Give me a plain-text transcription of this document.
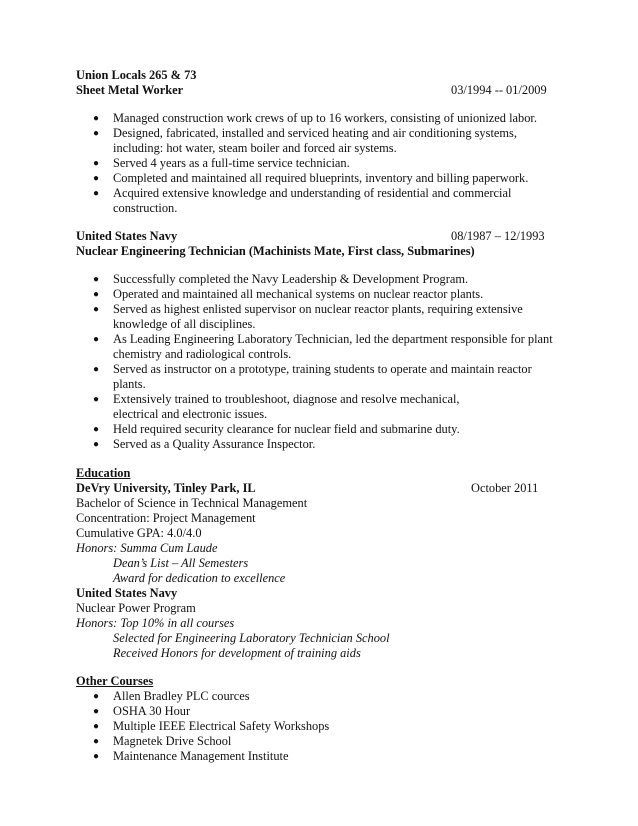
Union Locals 265 & 73
Sheet Metal Worker	03/1994 -- 01/2009
● Managed construction work crews of up to 16 workers, consisting of unionized labor.
● Designed, fabricated, installed and serviced heating and air conditioning systems,
including: hot water, steam boiler and forced air systems.
● Served 4 years as a full-time service technician.
● Completed and maintained all required blueprints, inventory and billing paperwork.
● Acquired extensive knowledge and understanding of residential and commercial
construction.
United States Navy	08/1987 – 12/1993
Nuclear Engineering Technician (Machinists Mate, First class, Submarines)
● Successfully completed the Navy Leadership & Development Program.
● Operated and maintained all mechanical systems on nuclear reactor plants.
● Served as highest enlisted supervisor on nuclear reactor plants, requiring extensive
knowledge of all disciplines.
● As Leading Engineering Laboratory Technician, led the department responsible for plant
chemistry and radiological controls.
● Served as instructor on a prototype, training students to operate and maintain reactor
plants.
● Extensively trained to troubleshoot, diagnose and resolve mechanical,
electrical and electronic issues.
● Held required security clearance for nuclear field and submarine duty.
● Served as a Quality Assurance Inspector.
Education
DeVry University, Tinley Park, IL	October 2011
Bachelor of Science in Technical Management
Concentration: Project Management
Cumulative GPA: 4.0/4.0
Honors: Summa Cum Laude
Dean’s List – All Semesters
Award for dedication to excellence
United States Navy
Nuclear Power Program
Honors: Top 10% in all courses
Selected for Engineering Laboratory Technician School
Received Honors for development of training aids
Other Courses
● Allen Bradley PLC cources
● OSHA 30 Hour
● Multiple IEEE Electrical Safety Workshops
● Magnetek Drive School
● Maintenance Management Institute
